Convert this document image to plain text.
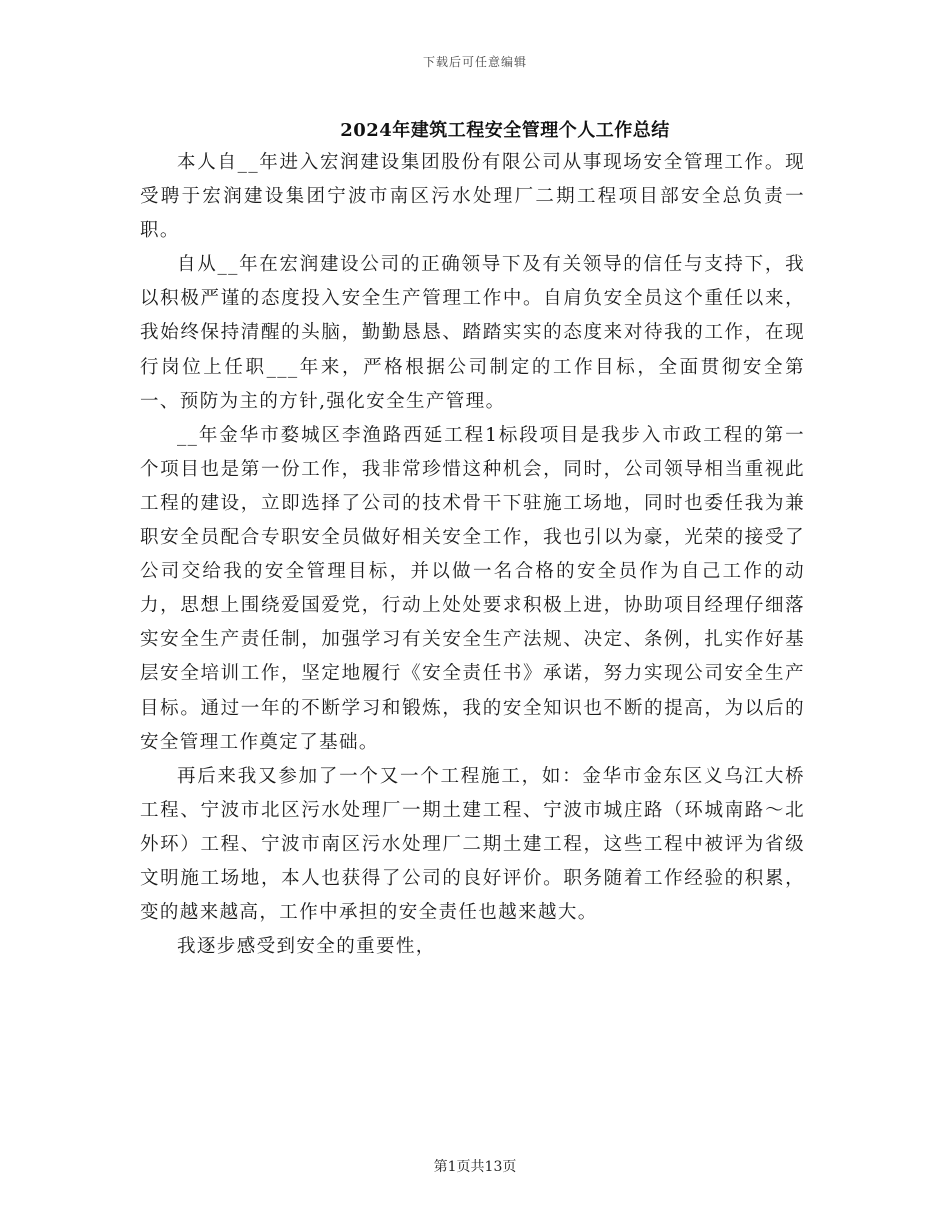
下载后可任意编辑
2024年建筑工程安全管理个人工作总结

本人自__年进入宏润建设集团股份有限公司从事现场安全管理工作。现受聘于宏润建设集团宁波市南区污水处理厂二期工程项目部安全总负责一职。

自从__年在宏润建设公司的正确领导下及有关领导的信任与支持下，我以积极严谨的态度投入安全生产管理工作中。自肩负安全员这个重任以来，我始终保持清醒的头脑，勤勤恳恳、踏踏实实的态度来对待我的工作，在现行岗位上任职___年来，严格根据公司制定的工作目标，全面贯彻安全第一、预防为主的方针,强化安全生产管理。

__年金华市婺城区李渔路西延工程1标段项目是我步入市政工程的第一个项目也是第一份工作，我非常珍惜这种机会，同时，公司领导相当重视此工程的建设，立即选择了公司的技术骨干下驻施工场地，同时也委任我为兼职安全员配合专职安全员做好相关安全工作，我也引以为豪，光荣的接受了公司交给我的安全管理目标，并以做一名合格的安全员作为自己工作的动力，思想上围绕爱国爱党，行动上处处要求积极上进，协助项目经理仔细落实安全生产责任制，加强学习有关安全生产法规、决定、条例，扎实作好基层安全培训工作，坚定地履行《安全责任书》承诺，努力实现公司安全生产目标。通过一年的不断学习和锻炼，我的安全知识也不断的提高，为以后的安全管理工作奠定了基础。

再后来我又参加了一个又一个工程施工，如：金华市金东区义乌江大桥工程、宁波市北区污水处理厂一期土建工程、宁波市城庄路（环城南路～北外环）工程、宁波市南区污水处理厂二期土建工程，这些工程中被评为省级文明施工场地，本人也获得了公司的良好评价。职务随着工作经验的积累，变的越来越高，工作中承担的安全责任也越来越大。

我逐步感受到安全的重要性，

第1页共13页
